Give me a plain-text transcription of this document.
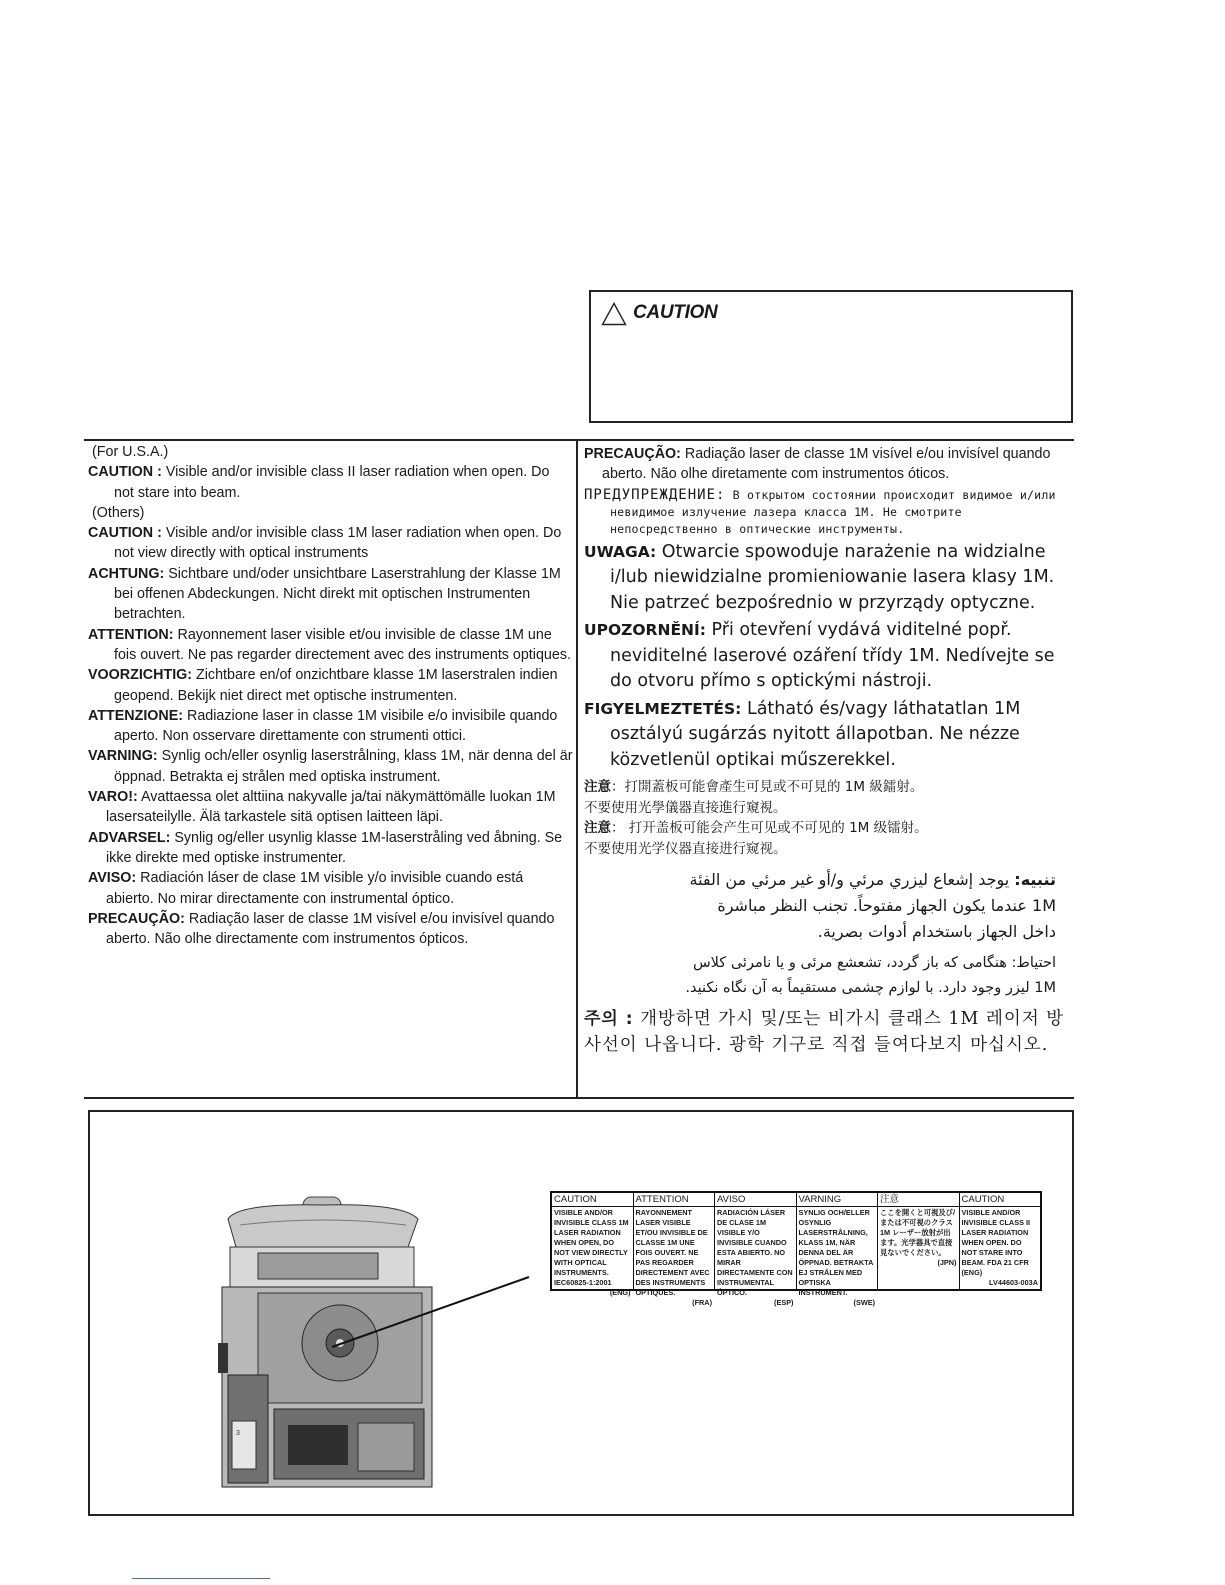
CAUTION
(For U.S.A.)
CAUTION : Visible and/or invisible class II laser radiation when open. Do not stare into beam.
(Others)
CAUTION : Visible and/or invisible class 1M laser radiation when open. Do not view directly with optical instruments
ACHTUNG: Sichtbare und/oder unsichtbare Laserstrahlung der Klasse 1M bei offenen Abdeckungen. Nicht direkt mit optischen Instrumenten betrachten.
ATTENTION: Rayonnement laser visible et/ou invisible de classe 1M une fois ouvert. Ne pas regarder directement avec des instruments optiques.
VOORZICHTIG: Zichtbare en/of onzichtbare klasse 1M laserstralen indien geopend. Bekijk niet direct met optische instrumenten.
ATTENZIONE: Radiazione laser in classe 1M visibile e/o invisibile quando aperto. Non osservare direttamente con strumenti ottici.
VARNING: Synlig och/eller osynlig laserstrålning, klass 1M, när denna del är öppnad. Betrakta ej strålen med optiska instrument.
VARO!: Avattaessa olet alttiina nakyvalle ja/tai näkymättömälle luokan 1M lasersateilylle. Älä tarkastele sitä optisen laitteen läpi.
ADVARSEL: Synlig og/eller usynlig klasse 1M-laserstråling ved åbning. Se ikke direkte med optiske instrumenter.
AVISO: Radiación láser de clase 1M visible y/o invisible cuando está abierto. No mirar directamente con instrumental óptico.
PRECAUÇÃO: Radiação laser de classe 1M visível e/ou invisível quando aberto. Não olhe directamente com instrumentos ópticos.
PRECAUÇÃO: Radiação laser de classe 1M visível e/ou invisível quando aberto. Não olhe diretamente com instrumentos óticos.
ПРЕДУПРЕЖДЕНИЕ: В открытом состоянии происходит видимое и/или невидимое излучение лазера класса 1М. Не смотрите непосредственно в оптические инструменты.
UWAGA: Otwarcie spowoduje narażenie na widzialne i/lub niewidzialne promieniowanie lasera klasy 1M. Nie patrzeć bezpośrednio w przyrządy optyczne.
UPOZORNĚNÍ: Při otevření vydává viditelné popř. neviditelné laserové ozáření třídy 1M. Nedívejte se do otvoru přímo s optickými nástroji.
FIGYELMEZTETÉS: Látható és/vagy láthatatlan 1M osztályú sugárzás nyitott állapotban. Ne nézze közvetlenül optikai műszerekkel.
注意：打開蓋板可能會產生可見或不可見的 1M 級鐳射。
不要使用光學儀器直接進行窺視。
注意： 打开盖板可能会产生可见或不可见的 1M 级镭射。
不要使用光学仪器直接进行窥视。
تنبيه: يوجد إشعاع ليزري مرئي و/أو غير مرئي من الفئة 1M عندما يكون الجهاز مفتوحاً. تجنب النظر مباشرة داخل الجهاز باستخدام أدوات بصرية.
احتیاط: هنگامی که باز گردد، تشعشع مرئی و یا نامرئی کلاس 1M لیزر وجود دارد. با لوازم چشمی مستقیماً به آن نگاه نکنید.
주의 : 개방하면 가시 및/또는 비가시 클래스 1M 레이저 방사선이 나옵니다. 광학 기구로 직접 들여다보지 마십시오.
3
CAUTION
VISIBLE AND/OR INVISIBLE CLASS 1M LASER RADIATION WHEN OPEN, DO NOT VIEW DIRECTLY WITH OPTICAL INSTRUMENTS. IEC60825-1:2001
(ENG)
ATTENTION
RAYONNEMENT LASER VISIBLE ET/OU INVISIBLE DE CLASSE 1M UNE FOIS OUVERT. NE PAS REGARDER DIRECTEMENT AVEC DES INSTRUMENTS OPTIQUES.
(FRA)
AVISO
RADIACIÓN LÁSER DE CLASE 1M VISIBLE Y/O INVISIBLE CUANDO ESTA ABIERTO. NO MIRAR DIRECTAMENTE CON INSTRUMENTAL ÓPTICO.
(ESP)
VARNING
SYNLIG OCH/ELLER OSYNLIG LASERSTRÅLNING, KLASS 1M, NÄR DENNA DEL ÄR ÖPPNAD. BETRAKTA EJ STRÅLEN MED OPTISKA INSTRUMENT.
(SWE)
注意
ここを開くと可視及び/または不可視のクラス 1M レーザー放射が出ます。光学器具で直接見ないでください。
(JPN)
CAUTION
VISIBLE AND/OR INVISIBLE CLASS II LASER RADIATION WHEN OPEN. DO NOT STARE INTO BEAM. FDA 21 CFR (ENG)
LV44603-003A
